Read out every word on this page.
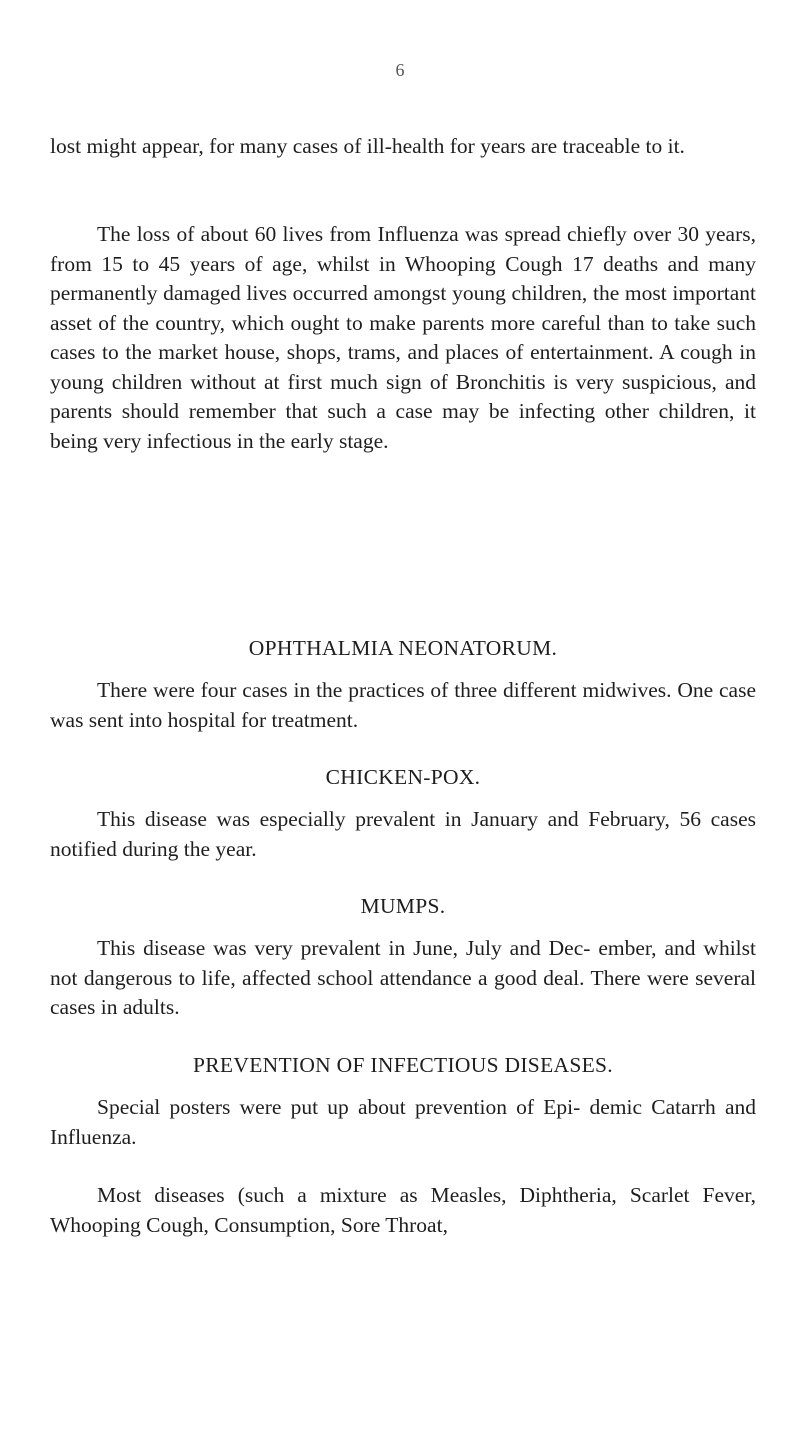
6

lost might appear, for many cases of ill-health for years are traceable to it.

The loss of about 60 lives from Influenza was spread chiefly over 30 years, from 15 to 45 years of age, whilst in Whooping Cough 17 deaths and many permanently damaged lives occurred amongst young children, the most important asset of the country, which ought to make parents more careful than to take such cases to the market house, shops, trams, and places of entertainment. A cough in young children without at first much sign of Bronchitis is very suspicious, and parents should remember that such a case may be infecting other children, it being very infectious in the early stage.

OPHTHALMIA NEONATORUM.

There were four cases in the practices of three different midwives. One case was sent into hospital for treatment.

CHICKEN-POX.

This disease was especially prevalent in January and February, 56 cases notified during the year.

MUMPS.

This disease was very prevalent in June, July and Dec- ember, and whilst not dangerous to life, affected school attendance a good deal. There were several cases in adults.

PREVENTION OF INFECTIOUS DISEASES.

Special posters were put up about prevention of Epi- demic Catarrh and Influenza.

Most diseases (such a mixture as Measles, Diphtheria, Scarlet Fever, Whooping Cough, Consumption, Sore Throat,
